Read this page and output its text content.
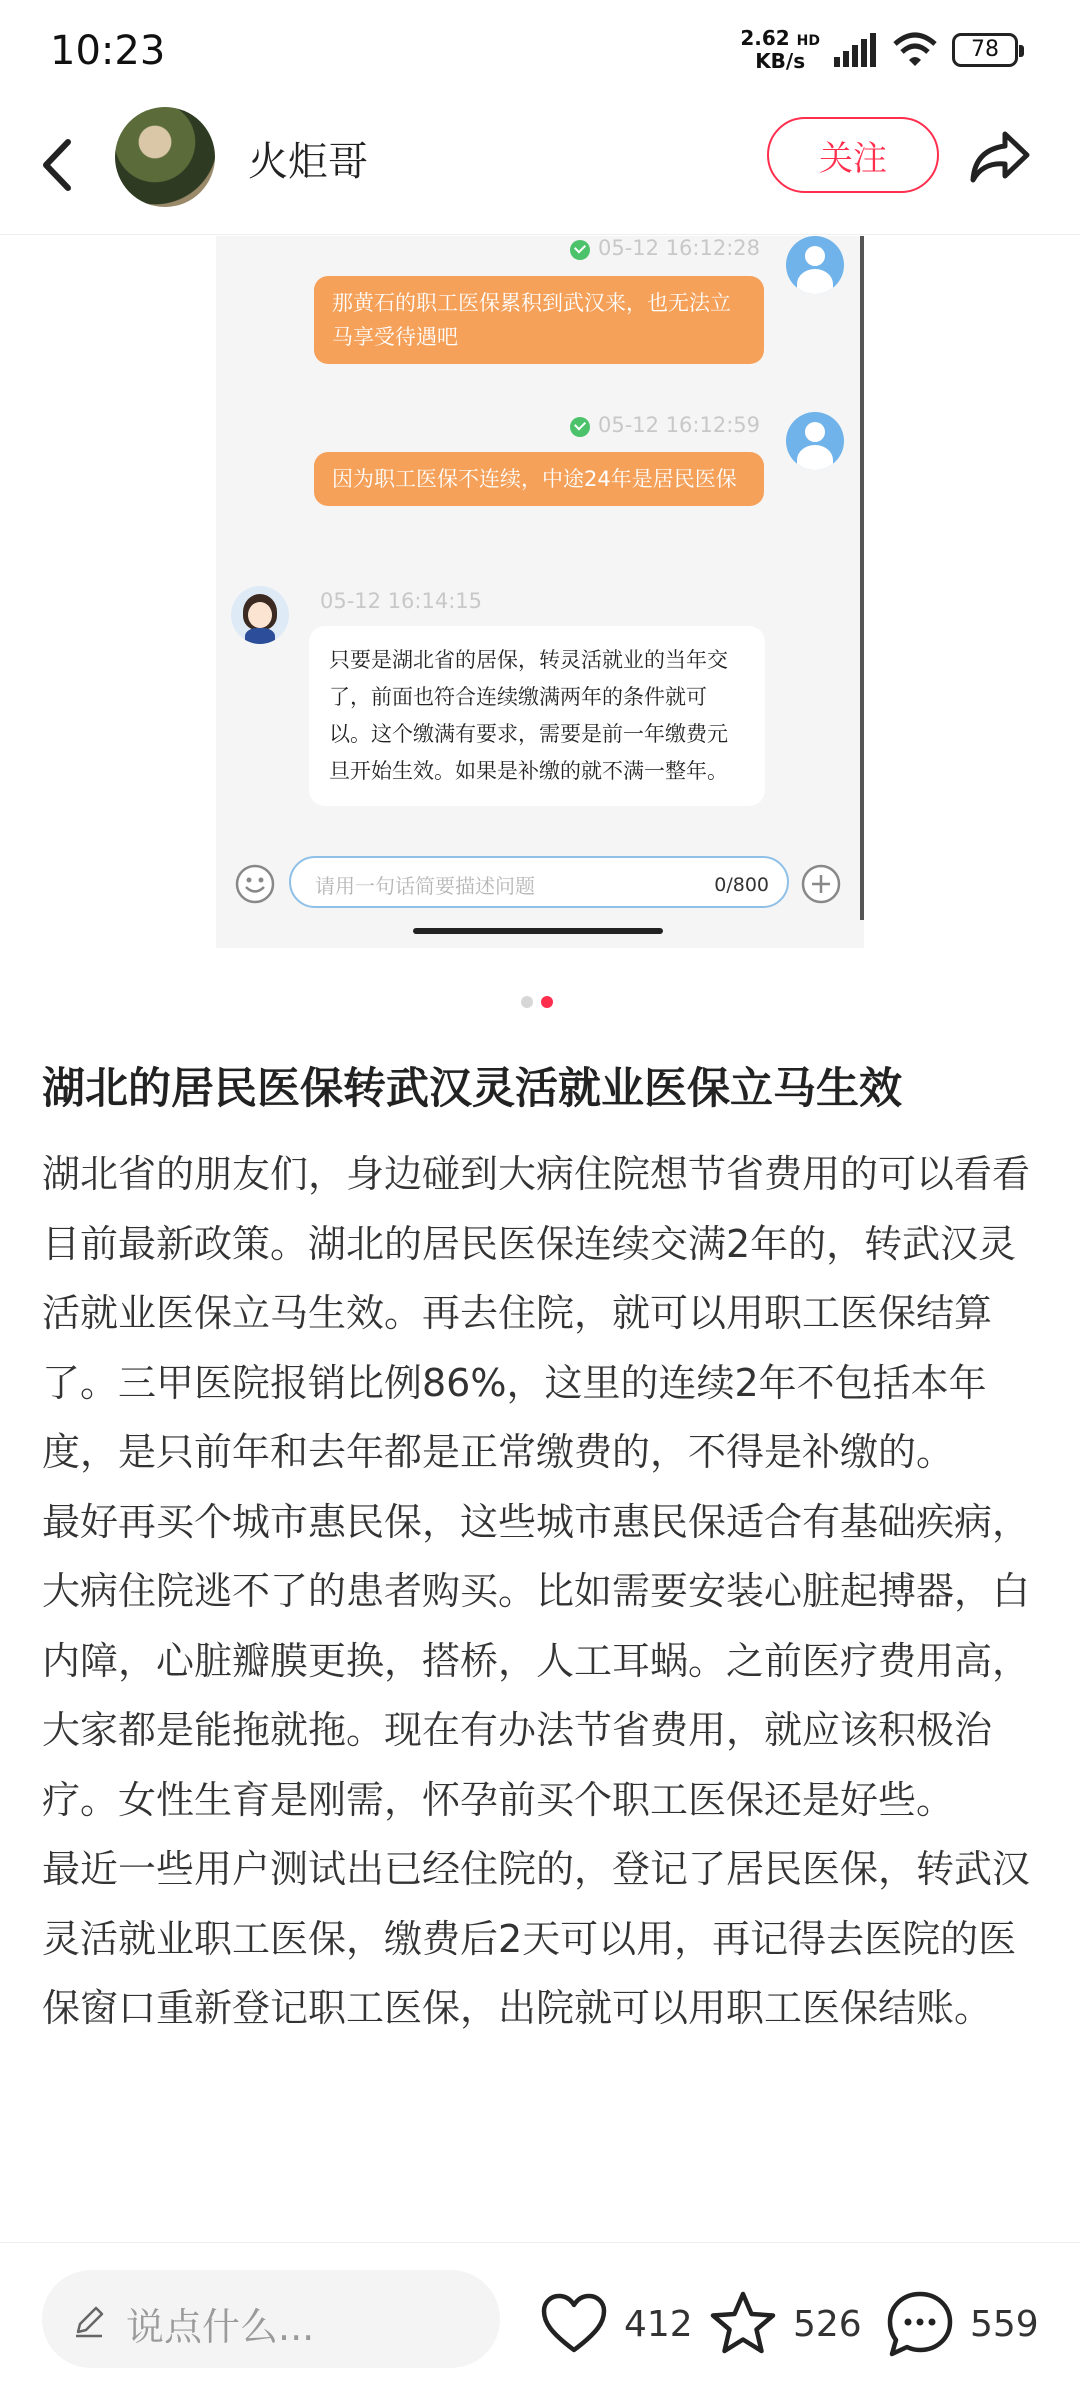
10:23	2.62 HD
KB/s	78
火炬哥	关注
05-12 16:12:28
那黄石的职工医保累积到武汉来，也无法立马享受待遇吧
05-12 16:12:59
因为职工医保不连续，中途24年是居民医保
05-12 16:14:15
只要是湖北省的居保，转灵活就业的当年交了，前面也符合连续缴满两年的条件就可以。这个缴满有要求，需要是前一年缴费元旦开始生效。如果是补缴的就不满一整年。
请用一句话简要描述问题	0/800
湖北的居民医保转武汉灵活就业医保立马生效

湖北省的朋友们，身边碰到大病住院想节省费用的可以看看目前最新政策。湖北的居民医保连续交满2年的，转武汉灵活就业医保立马生效。再去住院，就可以用职工医保结算了。三甲医院报销比例86%，这里的连续2年不包括本年度，是只前年和去年都是正常缴费的，不得是补缴的。

最好再买个城市惠民保，这些城市惠民保适合有基础疾病，大病住院逃不了的患者购买。比如需要安装心脏起搏器，白内障，心脏瓣膜更换，搭桥，人工耳蜗。之前医疗费用高，大家都是能拖就拖。现在有办法节省费用，就应该积极治疗。女性生育是刚需，怀孕前买个职工医保还是好些。

最近一些用户测试出已经住院的，登记了居民医保，转武汉灵活就业职工医保，缴费后2天可以用，再记得去医院的医保窗口重新登记职工医保，出院就可以用职工医保结账。

说点什么...	412	526	559
